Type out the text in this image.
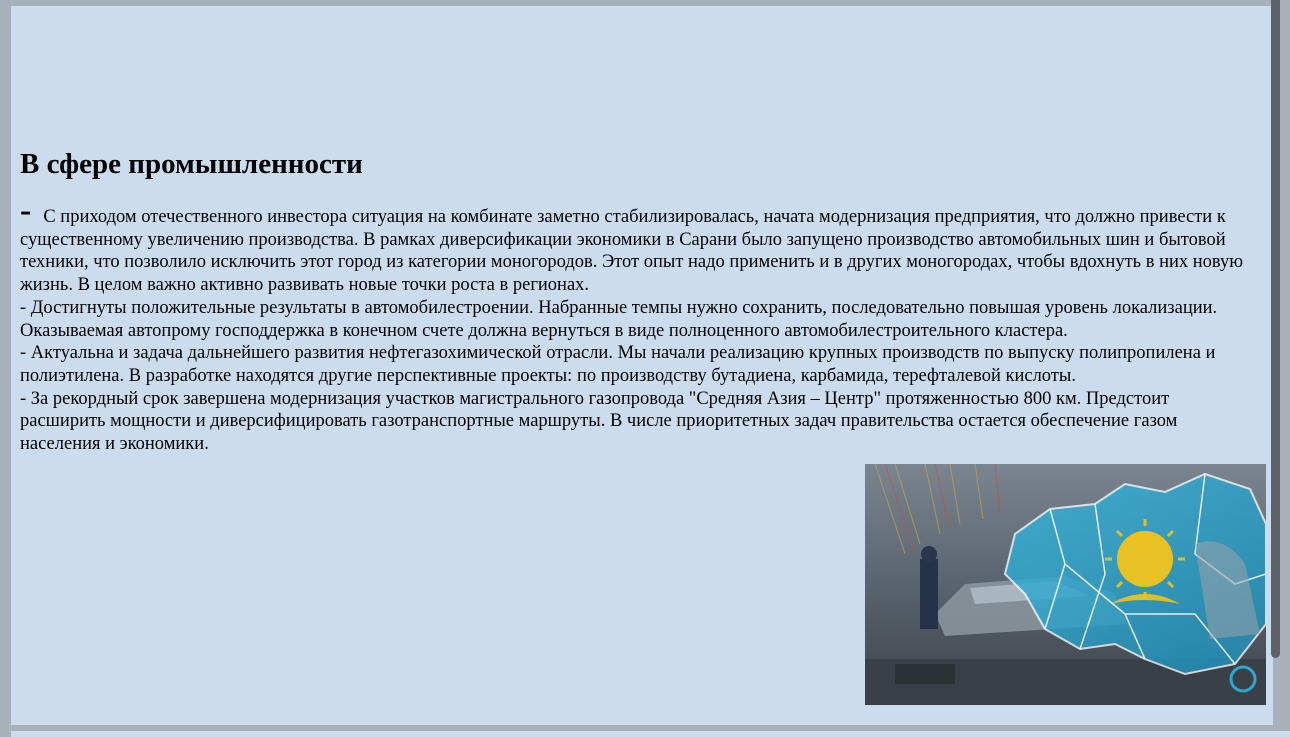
В сфере промышленности

- С приходом отечественного инвестора ситуация на комбинате заметно стабилизировалась, начата модернизация предприятия, что должно привести к существенному увеличению производства. В рамках диверсификации экономики в Сарани было запущено производство автомобильных шин и бытовой техники, что позволило исключить этот город из категории моногородов. Этот опыт надо применить и в других моногородах, чтобы вдохнуть в них новую жизнь. В целом важно активно развивать новые точки роста в регионах.

- Достигнуты положительные результаты в автомобилестроении. Набранные темпы нужно сохранить, последовательно повышая уровень локализации. Оказываемая автопрому господдержка в конечном счете должна вернуться в виде полноценного автомобилестроительного кластера.

- Актуальна и задача дальнейшего развития нефтегазохимической отрасли. Мы начали реализацию крупных производств по выпуску полипропилена и полиэтилена. В разработке находятся другие перспективные проекты: по производству бутадиена, карбамида, терефталевой кислоты.

- За рекордный срок завершена модернизация участков магистрального газопровода "Средняя Азия – Центр" протяженностью 800 км. Предстоит расширить мощности и диверсифицировать газотранспортные маршруты. В числе приоритетных задач правительства остается обеспечение газом населения и экономики.
